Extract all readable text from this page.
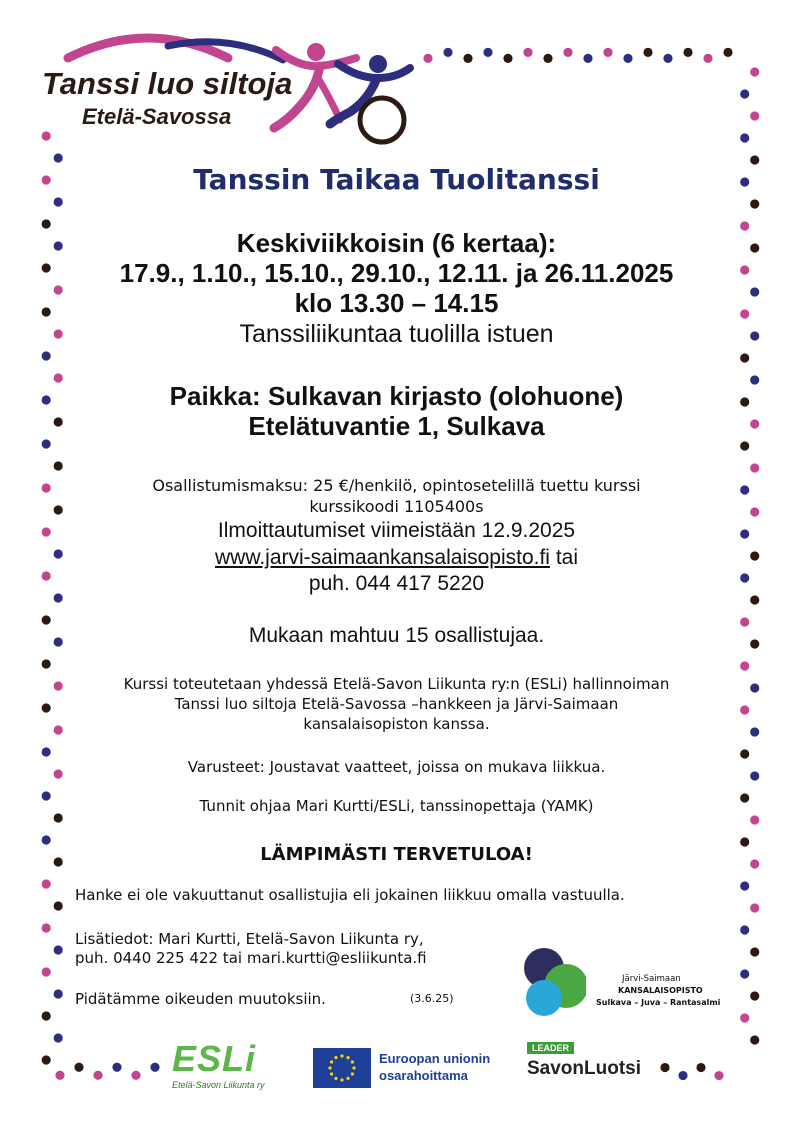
Tanssi luo siltoja
Etelä-Savossa
Tanssin Taikaa Tuolitanssi
Keskiviikkoisin (6 kertaa):
17.9., 1.10., 15.10., 29.10., 12.11. ja 26.11.2025
klo 13.30 – 14.15
Tanssiliikuntaa tuolilla istuen
Paikka: Sulkavan kirjasto (olohuone)
Etelätuvantie 1, Sulkava
Osallistumismaksu: 25 €/henkilö, opintosetelillä tuettu kurssi
kurssikoodi 1105400s
Ilmoittautumiset viimeistään 12.9.2025
www.jarvi-saimaankansalaisopisto.fi tai
puh. 044 417 5220
Mukaan mahtuu 15 osallistujaa.
Kurssi toteutetaan yhdessä Etelä-Savon Liikunta ry:n (ESLi) hallinnoiman
Tanssi luo siltoja Etelä-Savossa –hankkeen ja Järvi-Saimaan
kansalaisopiston kanssa.
Varusteet: Joustavat vaatteet, joissa on mukava liikkua.
Tunnit ohjaa Mari Kurtti/ESLi, tanssinopettaja (YAMK)
LÄMPIMÄSTI TERVETULOA!
Hanke ei ole vakuuttanut osallistujia eli jokainen liikkuu omalla vastuulla.
Lisätiedot: Mari Kurtti, Etelä-Savon Liikunta ry,
puh. 0440 225 422 tai mari.kurtti@esliikunta.fi
Pidätämme oikeuden muutoksiin.	(3.6.25)
Järvi-Saimaan
KANSALAISOPISTO
Sulkava – Juva – Rantasalmi
ESLi
Etelä-Savon Liikunta ry
Euroopan unionin
osarahoittama
LEADER
SavonLuotsi
